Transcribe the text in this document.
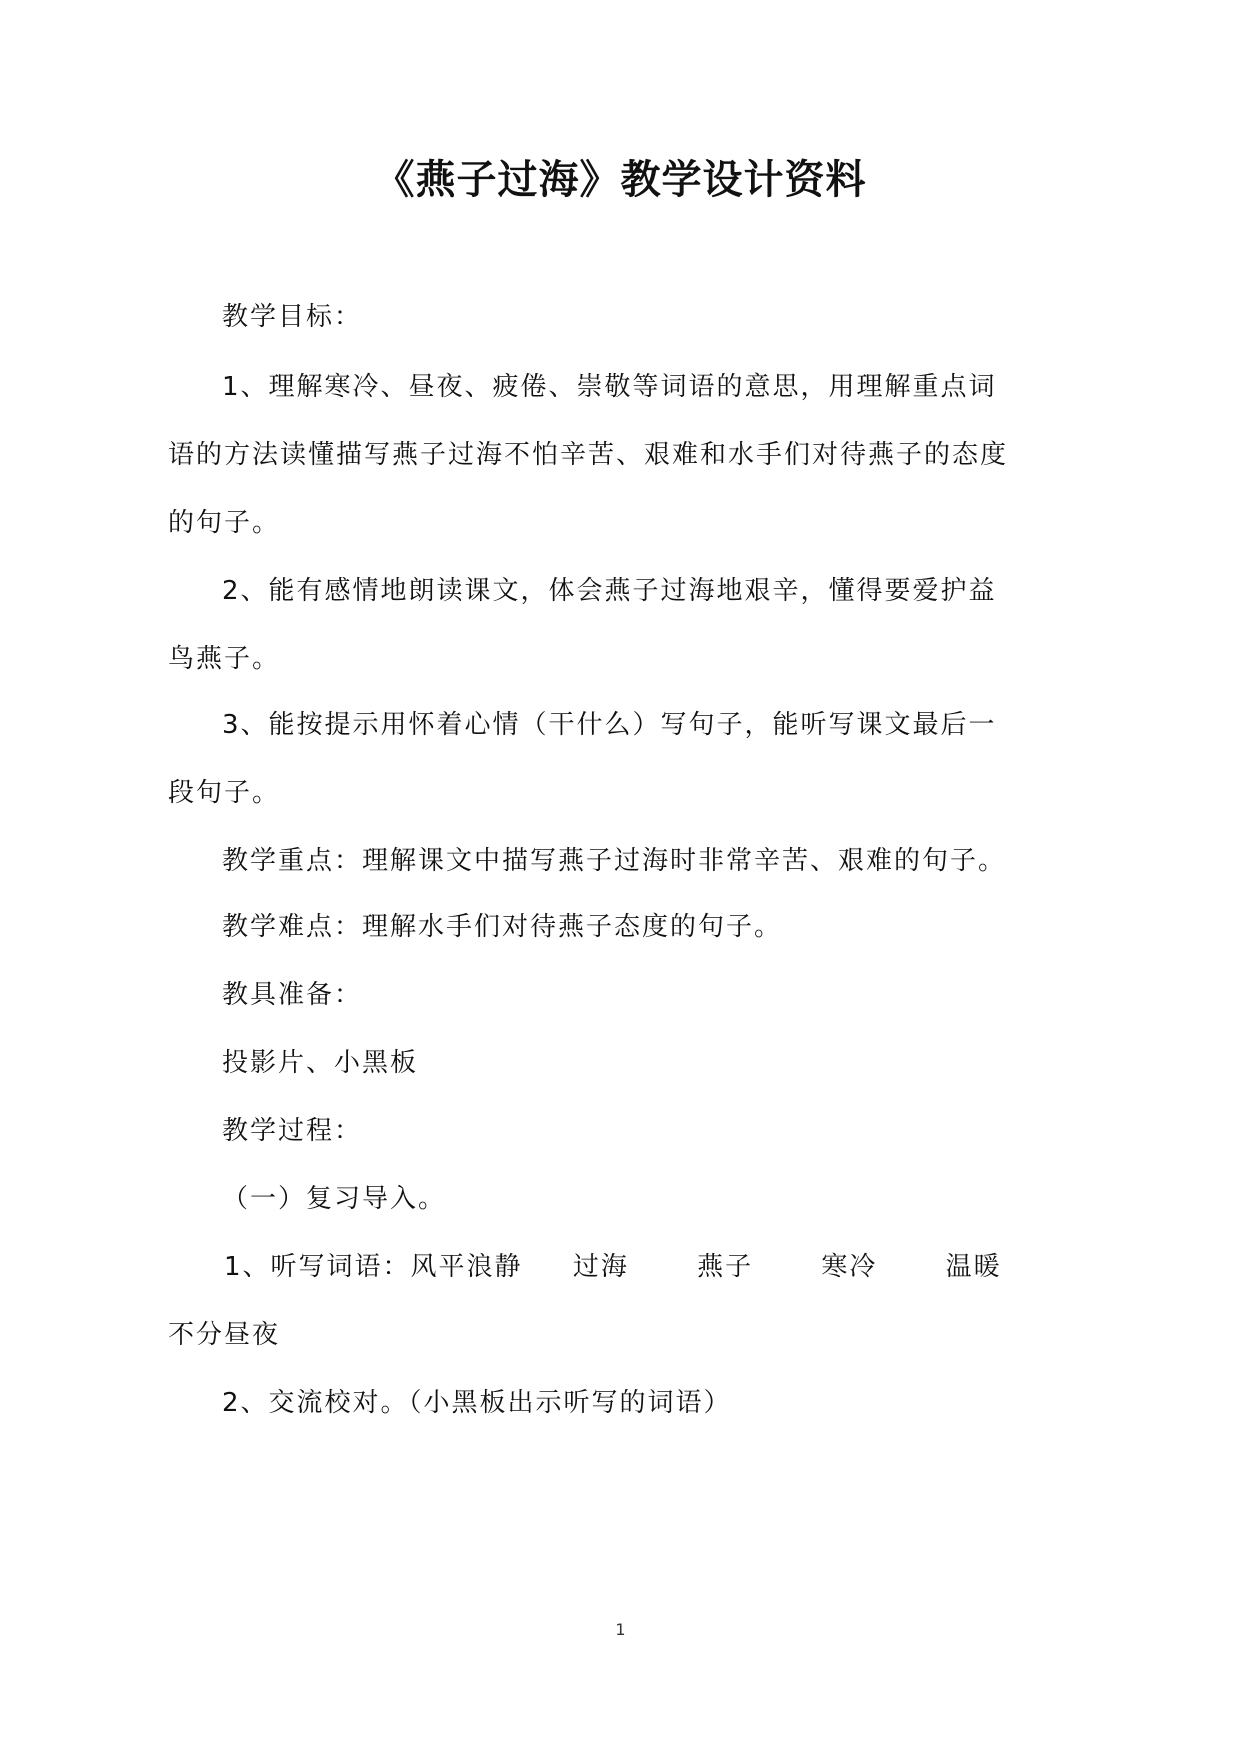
《燕子过海》教学设计资料
教学目标：
1、理解寒冷、昼夜、疲倦、崇敬等词语的意思，用理解重点词
语的方法读懂描写燕子过海不怕辛苦、艰难和水手们对待燕子的态度
的句子。
2、能有感情地朗读课文，体会燕子过海地艰辛，懂得要爱护益
鸟燕子。
3、能按提示用怀着心情（干什么）写句子，能听写课文最后一
段句子。
教学重点：理解课文中描写燕子过海时非常辛苦、艰难的句子。
教学难点：理解水手们对待燕子态度的句子。
教具准备：
投影片、小黑板
教学过程：
（一）复习导入。
1、听写词语：风平浪静 过海	燕子	寒冷	温暖
不分昼夜
2、交流校对。（小黑板出示听写的词语）
1
